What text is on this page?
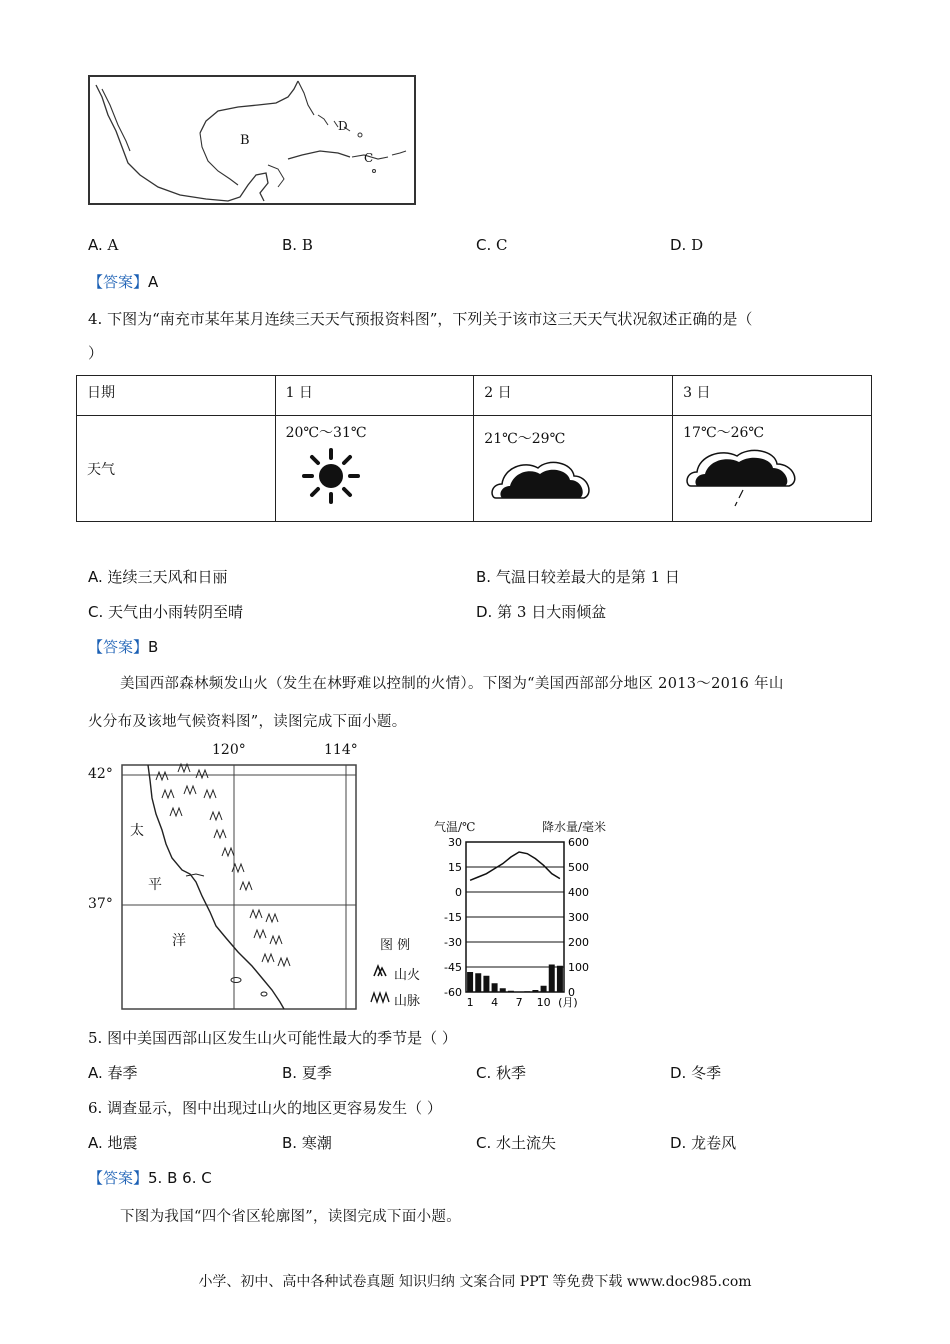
B
D
C
A. A	B. B	C. C	D. D
【答案】A
4. 下图为“南充市某年某月连续三天天气预报资料图”，下列关于该市这三天天气状况叙述正确的是（
）
日期	1 日	2 日	3 日
天气	20℃～31℃	21℃～29℃	17℃～26℃
A. 连续三天风和日丽	B. 气温日较差最大的是第 1 日
C. 天气由小雨转阴至晴	D. 第 3 日大雨倾盆
【答案】B
美国西部森林频发山火（发生在林野难以控制的火情）。下图为“美国西部部分地区 2013～2016 年山
火分布及该地气候资料图”，读图完成下面小题。
120°	114°
42°
37°
太
平
洋	图 例
山火
山脉
气温/℃	降水量/毫米
30	600
15	500
0	400
-15	300
-30	200
-45	100
-60	0
1 4 7 10 (月)
5. 图中美国西部山区发生山火可能性最大的季节是（ ）
A. 春季	B. 夏季	C. 秋季	D. 冬季
6. 调查显示，图中出现过山火的地区更容易发生（ ）
A. 地震	B. 寒潮	C. 水土流失	D. 龙卷风
【答案】5. B 6. C
下图为我国“四个省区轮廓图”，读图完成下面小题。
小学、初中、高中各种试卷真题 知识归纳 文案合同 PPT 等免费下载 www.doc985.com
